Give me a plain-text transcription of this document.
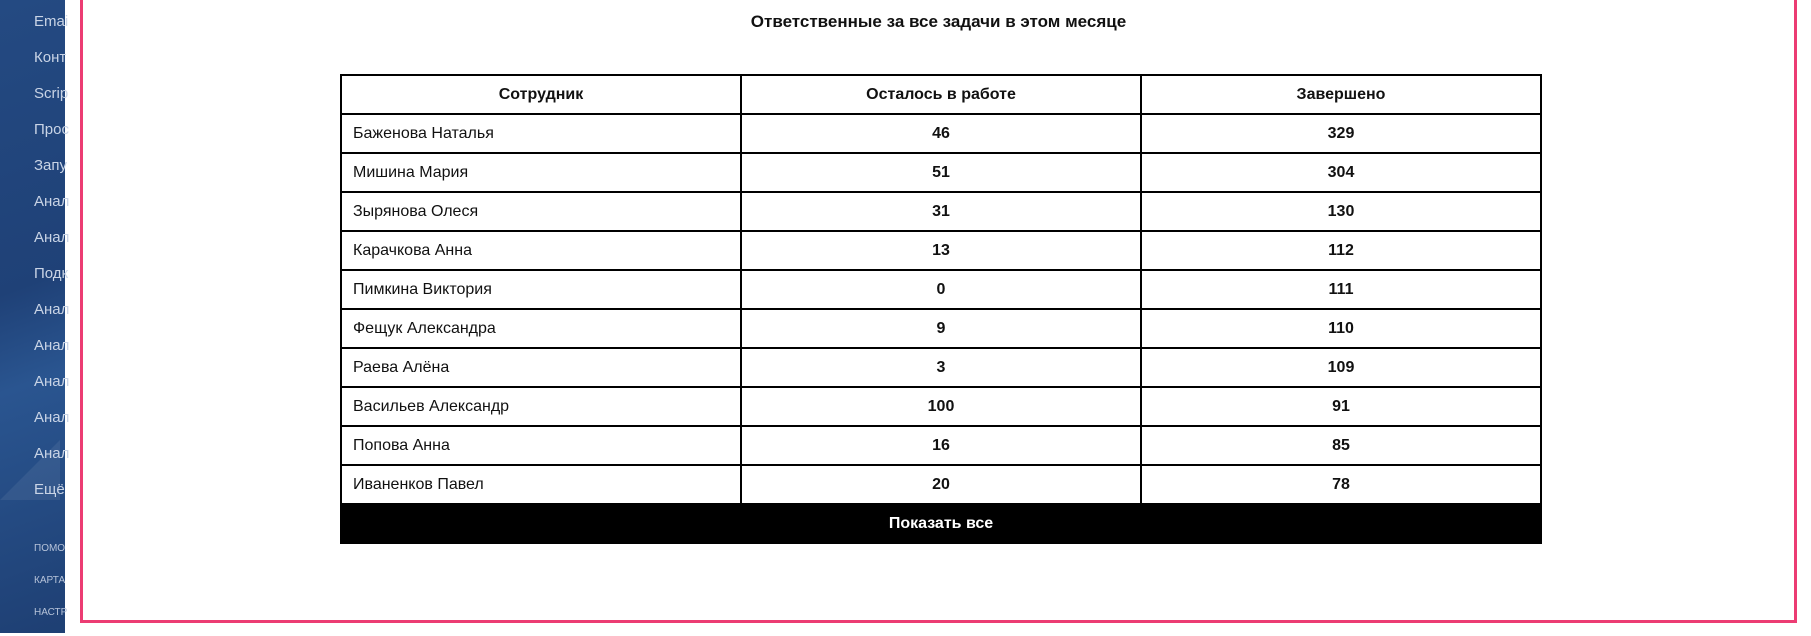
Emai
Конт
Scrip
Прос
Запу
Анал
Анал
Подк
Анал
Анал
Анал
Анал
Анал
Ещё
ПОМО
КАРТА
НАСТР
Ответственные за все задачи в этом месяце
Сотрудник	Осталось в работе	Завершено
Баженова Наталья	46	329
Мишина Мария	51	304
Зырянова Олеся	31	130
Карачкова Анна	13	112
Пимкина Виктория	0	111
Фещук Александра	9	110
Раева Алёна	3	109
Васильев Александр	100	91
Попова Анна	16	85
Иваненков Павел	20	78
Показать все		
